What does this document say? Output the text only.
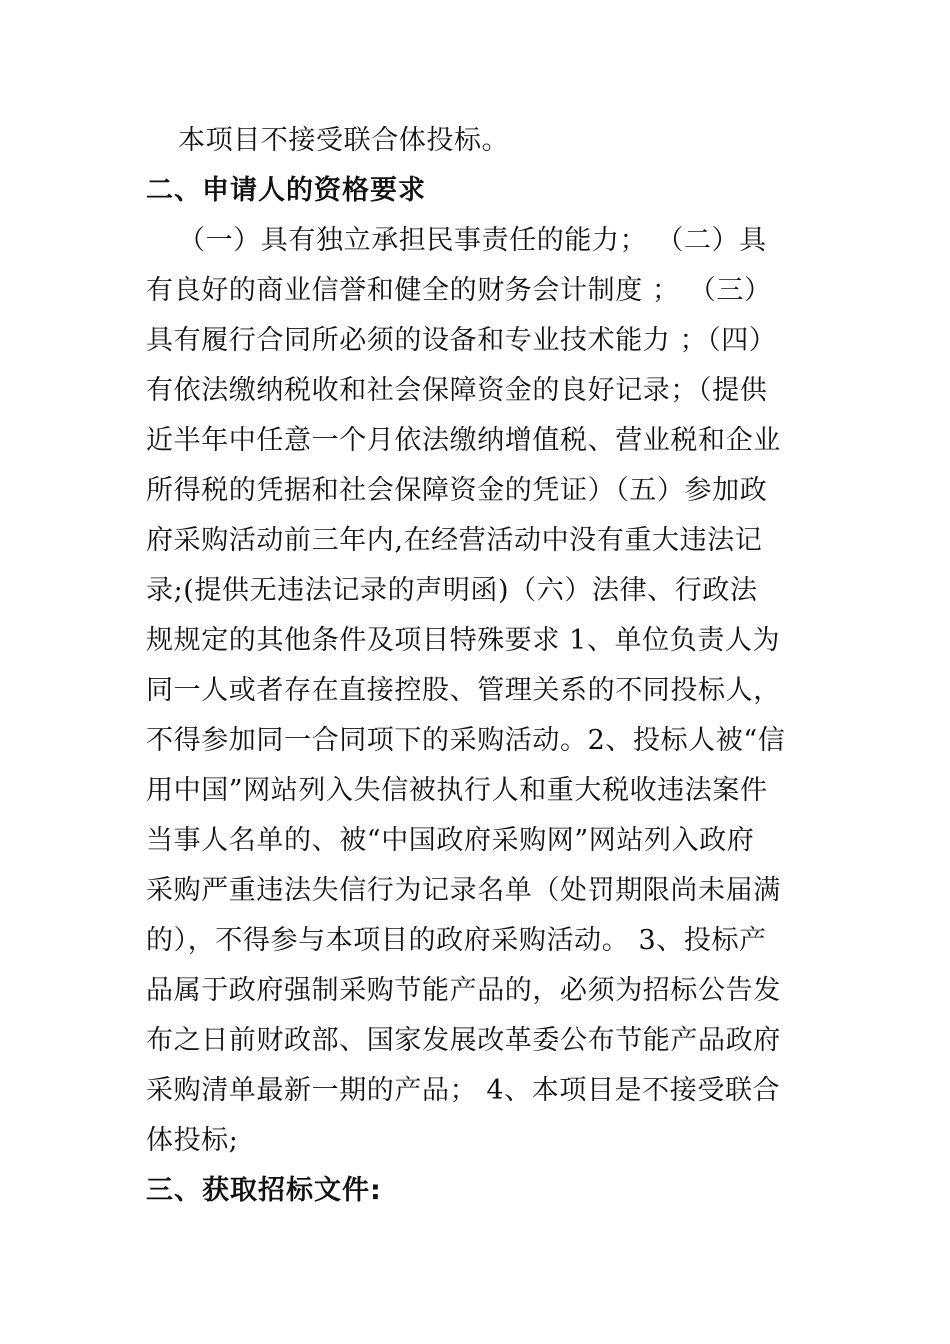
本项目不接受联合体投标。
二、申请人的资格要求
（一）具有独立承担民事责任的能力； （二）具
有良好的商业信誉和健全的财务会计制度 ； （三）
具有履行合同所必须的设备和专业技术能力 ；（四）
有依法缴纳税收和社会保障资金的良好记录；（提供
近半年中任意一个月依法缴纳增值税、营业税和企业
所得税的凭据和社会保障资金的凭证）（五）参加政
府采购活动前三年内,在经营活动中没有重大违法记
录;(提供无违法记录的声明函)（六）法律、行政法
规规定的其他条件及项目特殊要求 1、单位负责人为
同一人或者存在直接控股、管理关系的不同投标人，
不得参加同一合同项下的采购活动。2、投标人被“信
用中国”网站列入失信被执行人和重大税收违法案件
当事人名单的、被“中国政府采购网”网站列入政府
采购严重违法失信行为记录名单（处罚期限尚未届满
的），不得参与本项目的政府采购活动。 3、投标产
品属于政府强制采购节能产品的，必须为招标公告发
布之日前财政部、国家发展改革委公布节能产品政府
采购清单最新一期的产品； 4、本项目是不接受联合
体投标;
三、获取招标文件:
